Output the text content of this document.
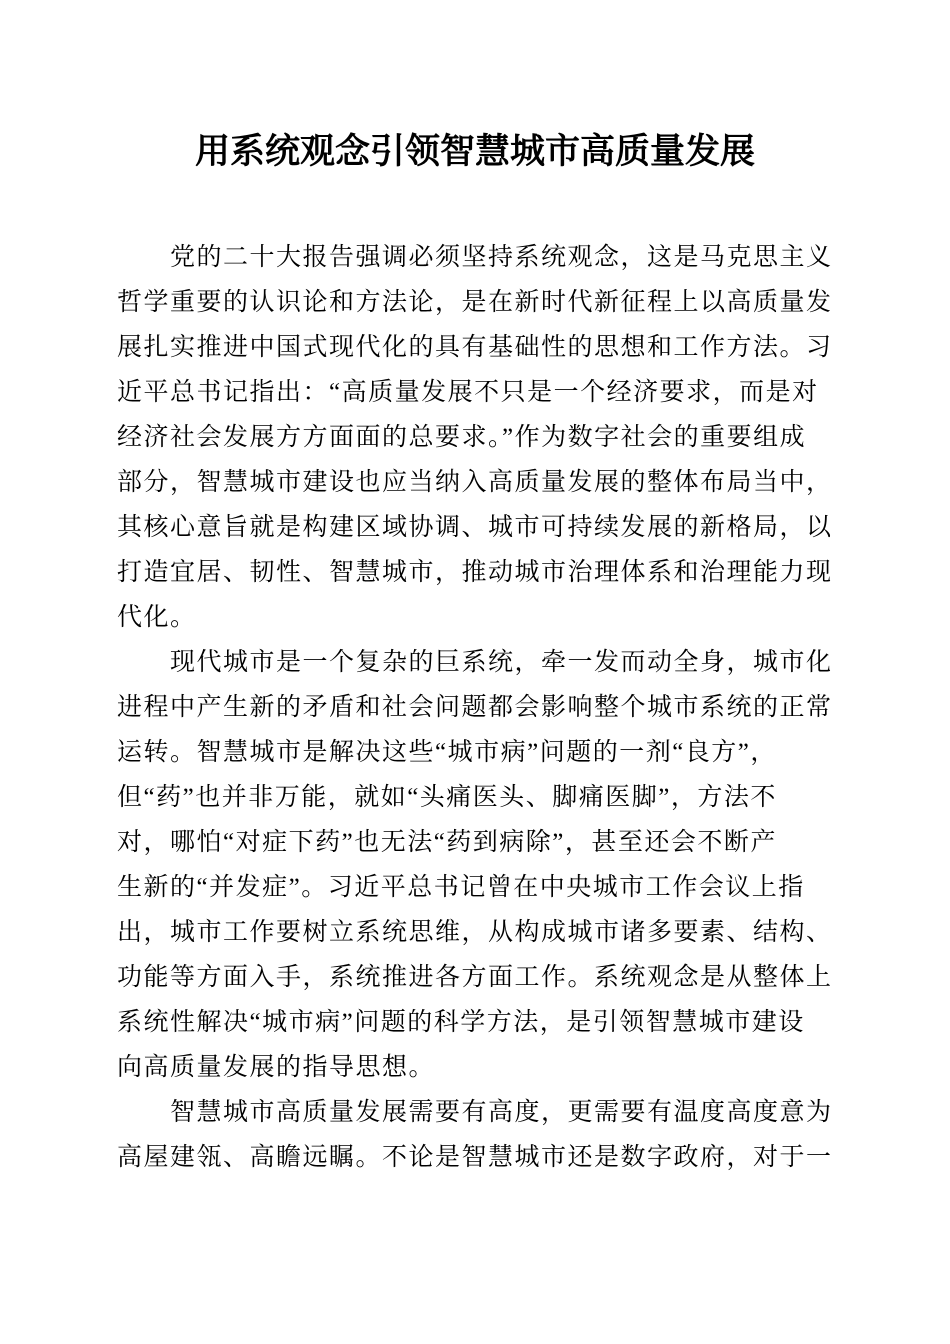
用系统观念引领智慧城市高质量发展
党的二十大报告强调必须坚持系统观念，这是马克思主义
哲学重要的认识论和方法论，是在新时代新征程上以高质量发
展扎实推进中国式现代化的具有基础性的思想和工作方法。习
近平总书记指出：“高质量发展不只是一个经济要求，而是对
经济社会发展方方面面的总要求。”作为数字社会的重要组成
部分，智慧城市建设也应当纳入高质量发展的整体布局当中，
其核心意旨就是构建区域协调、城市可持续发展的新格局，以
打造宜居、韧性、智慧城市，推动城市治理体系和治理能力现
代化。
现代城市是一个复杂的巨系统，牵一发而动全身，城市化
进程中产生新的矛盾和社会问题都会影响整个城市系统的正常
运转。智慧城市是解决这些“城市病”问题的一剂“良方”，
但“药”也并非万能，就如“头痛医头、脚痛医脚”，方法不
对，哪怕“对症下药”也无法“药到病除”，甚至还会不断产
生新的“并发症”。习近平总书记曾在中央城市工作会议上指
出，城市工作要树立系统思维，从构成城市诸多要素、结构、
功能等方面入手，系统推进各方面工作。系统观念是从整体上
系统性解决“城市病”问题的科学方法，是引领智慧城市建设
向高质量发展的指导思想。
智慧城市高质量发展需要有高度，更需要有温度高度意为
高屋建瓴、高瞻远瞩。不论是智慧城市还是数字政府，对于一
